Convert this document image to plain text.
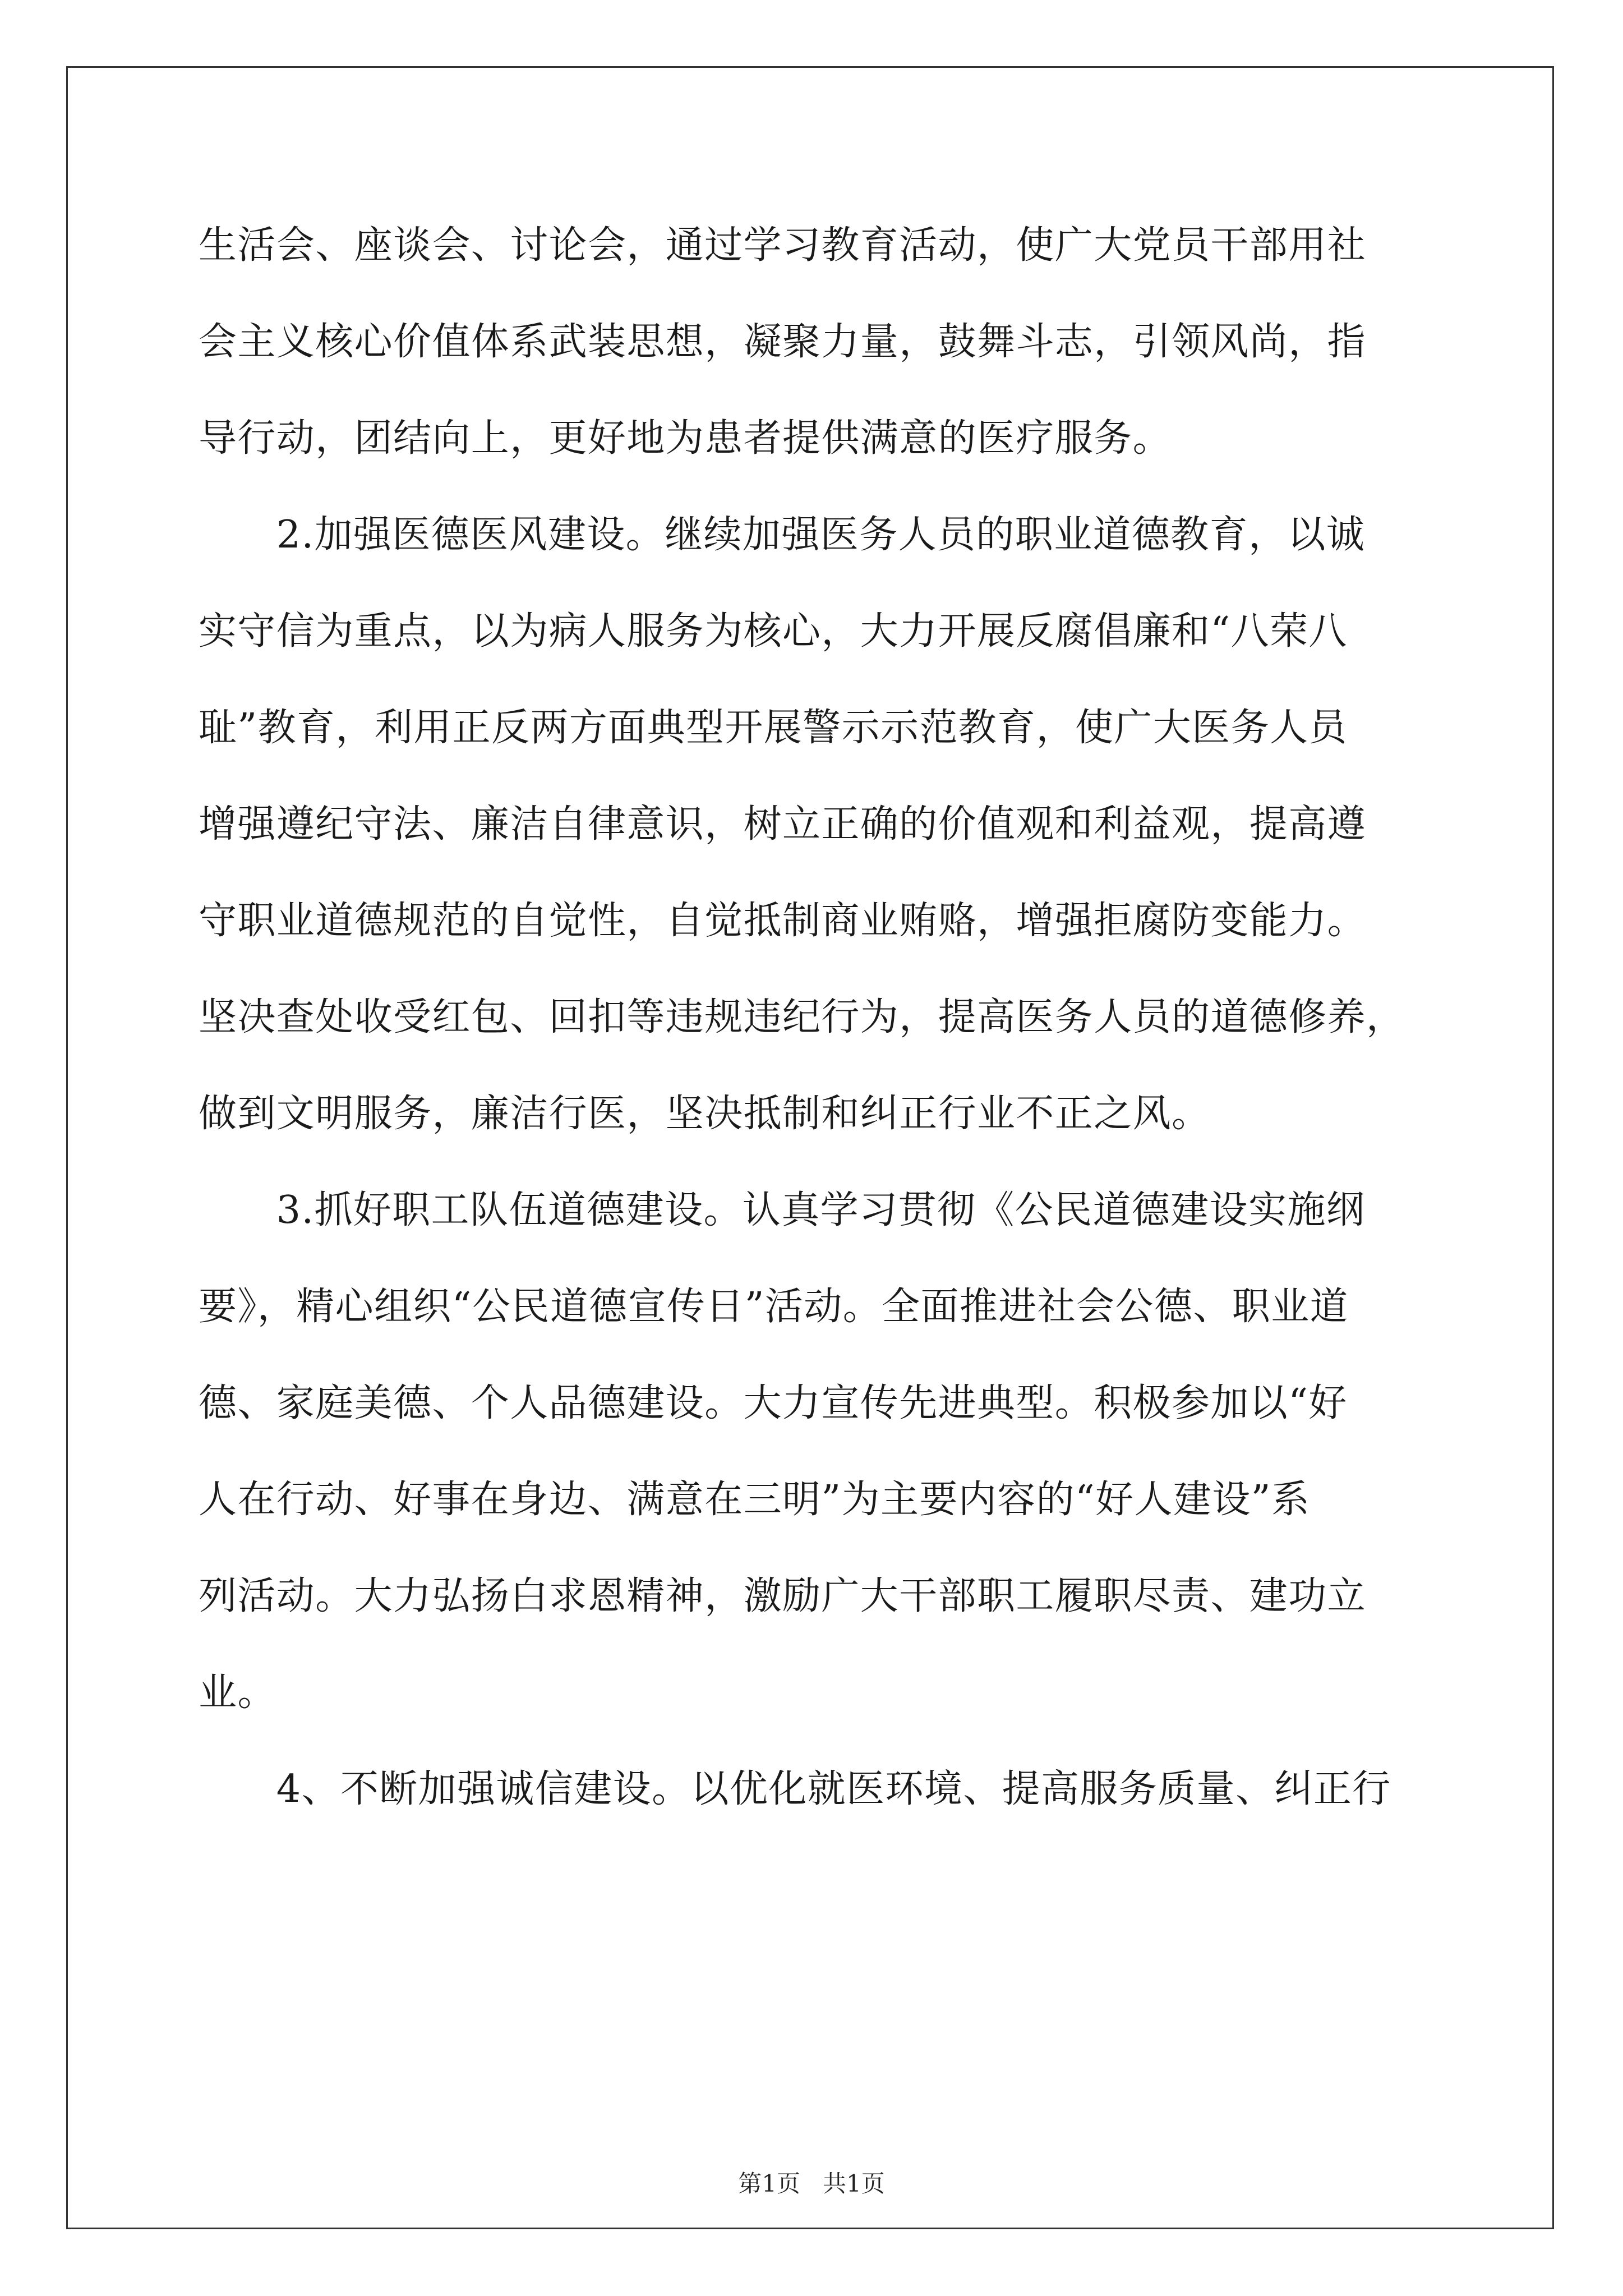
生活会、座谈会、讨论会，通过学习教育活动，使广大党员干部用社
会主义核心价值体系武装思想，凝聚力量，鼓舞斗志，引领风尚，指
导行动，团结向上，更好地为患者提供满意的医疗服务。
　　2.加强医德医风建设。继续加强医务人员的职业道德教育，以诚
实守信为重点，以为病人服务为核心，大力开展反腐倡廉和“八荣八
耻”教育，利用正反两方面典型开展警示示范教育，使广大医务人员
增强遵纪守法、廉洁自律意识，树立正确的价值观和利益观，提高遵
守职业道德规范的自觉性，自觉抵制商业贿赂，增强拒腐防变能力。
坚决查处收受红包、回扣等违规违纪行为，提高医务人员的道德修养，
做到文明服务，廉洁行医，坚决抵制和纠正行业不正之风。
　　3.抓好职工队伍道德建设。认真学习贯彻《公民道德建设实施纲
要》，精心组织“公民道德宣传日”活动。全面推进社会公德、职业道
德、家庭美德、个人品德建设。大力宣传先进典型。积极参加以“好
人在行动、好事在身边、满意在三明”为主要内容的“好人建设”系
列活动。大力弘扬白求恩精神，激励广大干部职工履职尽责、建功立
业。
　　4、不断加强诚信建设。以优化就医环境、提高服务质量、纠正行
第1页 共1页
